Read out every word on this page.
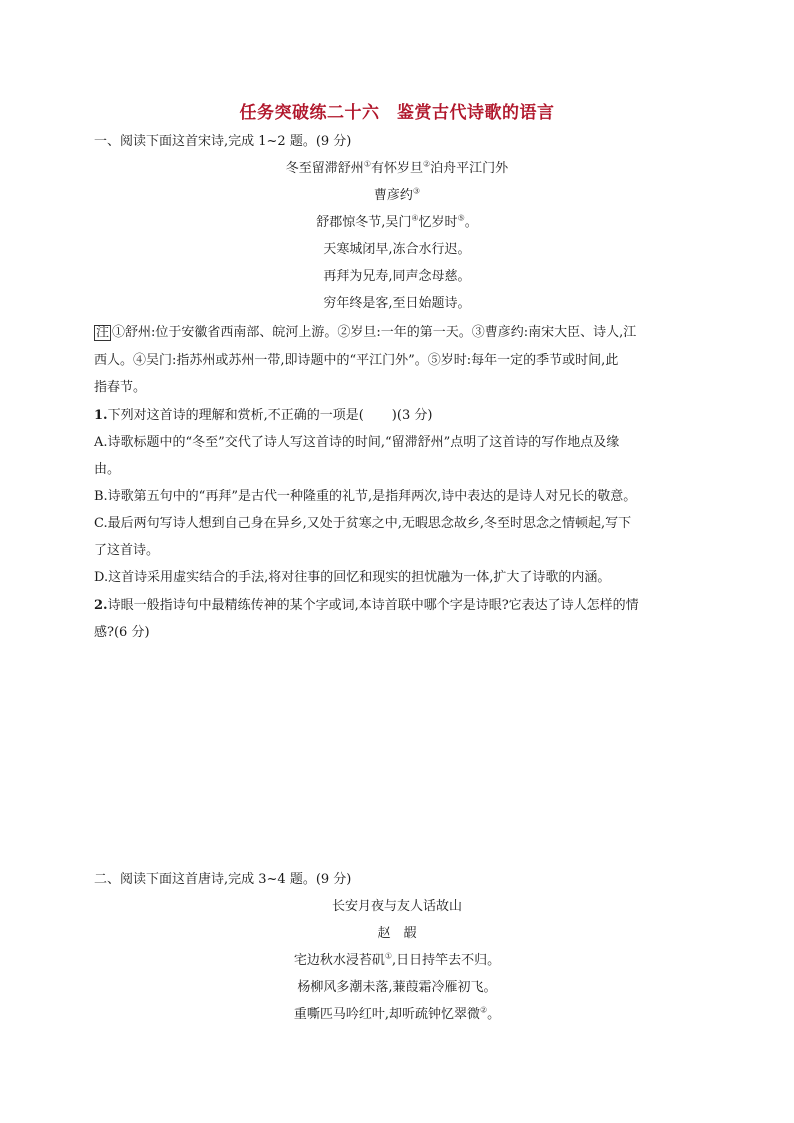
任务突破练二十六　鉴赏古代诗歌的语言
一、阅读下面这首宋诗,完成 1~2 题。(9 分)
冬至留滞舒州①有怀岁旦②泊舟平江门外
曹彦约③
舒郡惊冬节,吴门④忆岁时⑤。
天寒城闭早,冻合水行迟。
再拜为兄寿,同声念母慈。
穷年终是客,至日始题诗。
注 ①舒州:位于安徽省西南部、皖河上游。②岁旦:一年的第一天。③曹彦约:南宋大臣、诗人,江
西人。④吴门:指苏州或苏州一带,即诗题中的“平江门外”。⑤岁时:每年一定的季节或时间,此
指春节。
1.下列对这首诗的理解和赏析,不正确的一项是( )(3 分)
A.诗歌标题中的“冬至”交代了诗人写这首诗的时间,“留滞舒州”点明了这首诗的写作地点及缘
由。
B.诗歌第五句中的“再拜”是古代一种隆重的礼节,是指拜两次,诗中表达的是诗人对兄长的敬意。
C.最后两句写诗人想到自己身在异乡,又处于贫寒之中,无暇思念故乡,冬至时思念之情顿起,写下
了这首诗。
D.这首诗采用虚实结合的手法,将对往事的回忆和现实的担忧融为一体,扩大了诗歌的内涵。
2.诗眼一般指诗句中最精练传神的某个字或词,本诗首联中哪个字是诗眼?它表达了诗人怎样的情
感?(6 分)
二、阅读下面这首唐诗,完成 3~4 题。(9 分)
长安月夜与友人话故山
赵　嘏
宅边秋水浸苔矶①,日日持竿去不归。
杨柳风多潮未落,蒹葭霜冷雁初飞。
重嘶匹马吟红叶,却听疏钟忆翠微②。
